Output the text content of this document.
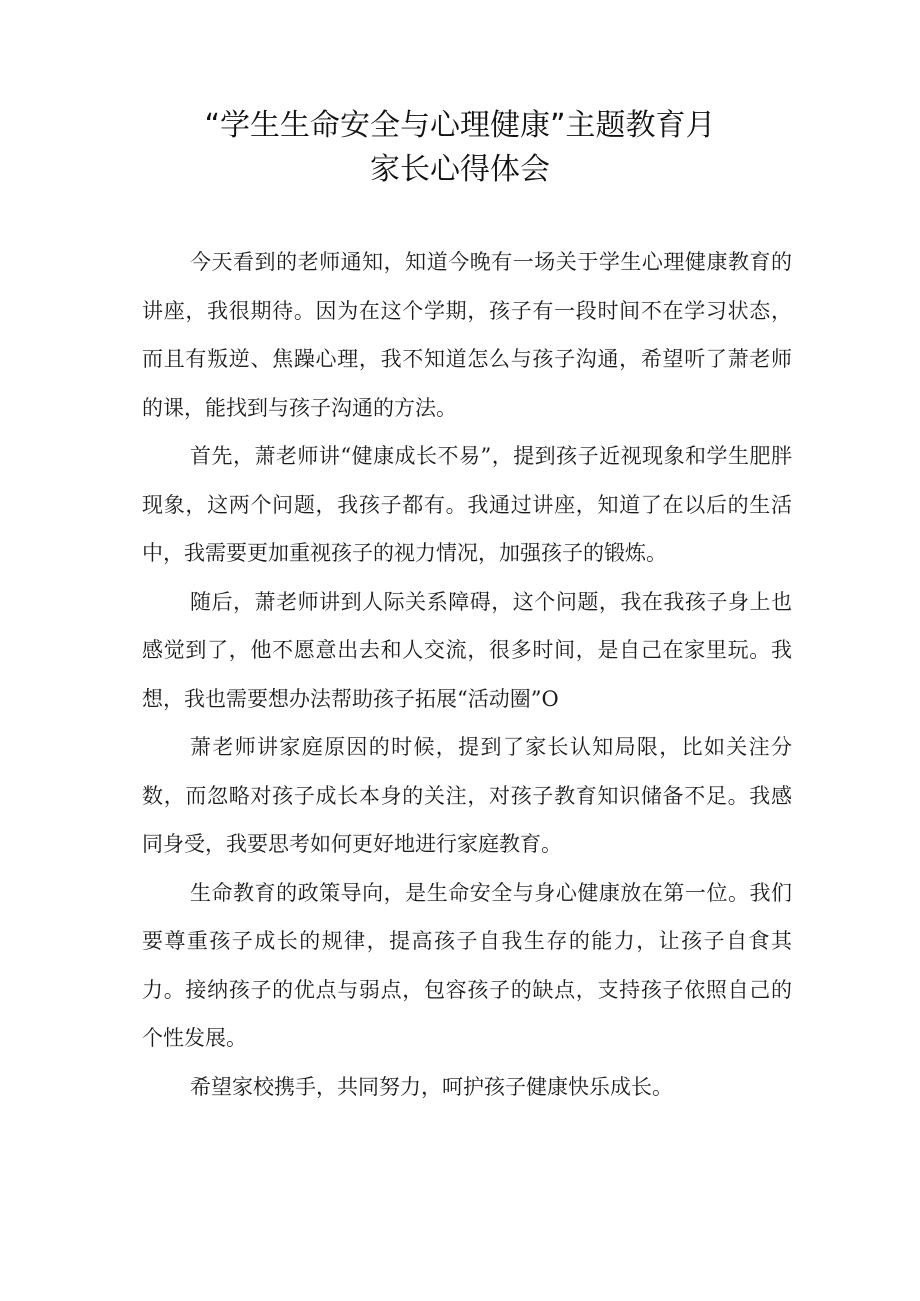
“学生生命安全与心理健康”主题教育月
家长心得体会

今天看到的老师通知，知道今晚有一场关于学生心理健康教育的讲座，我很期待。因为在这个学期，孩子有一段时间不在学习状态，而且有叛逆、焦躁心理，我不知道怎么与孩子沟通，希望听了萧老师的课，能找到与孩子沟通的方法。

首先，萧老师讲“健康成长不易”，提到孩子近视现象和学生肥胖现象，这两个问题，我孩子都有。我通过讲座，知道了在以后的生活中，我需要更加重视孩子的视力情况，加强孩子的锻炼。

随后，萧老师讲到人际关系障碍，这个问题，我在我孩子身上也感觉到了，他不愿意出去和人交流，很多时间，是自己在家里玩。我想，我也需要想办法帮助孩子拓展“活动圈”O

萧老师讲家庭原因的时候，提到了家长认知局限，比如关注分数，而忽略对孩子成长本身的关注，对孩子教育知识储备不足。我感同身受，我要思考如何更好地进行家庭教育。

生命教育的政策导向，是生命安全与身心健康放在第一位。我们要尊重孩子成长的规律，提高孩子自我生存的能力，让孩子自食其力。接纳孩子的优点与弱点，包容孩子的缺点，支持孩子依照自己的个性发展。

希望家校携手，共同努力，呵护孩子健康快乐成长。
